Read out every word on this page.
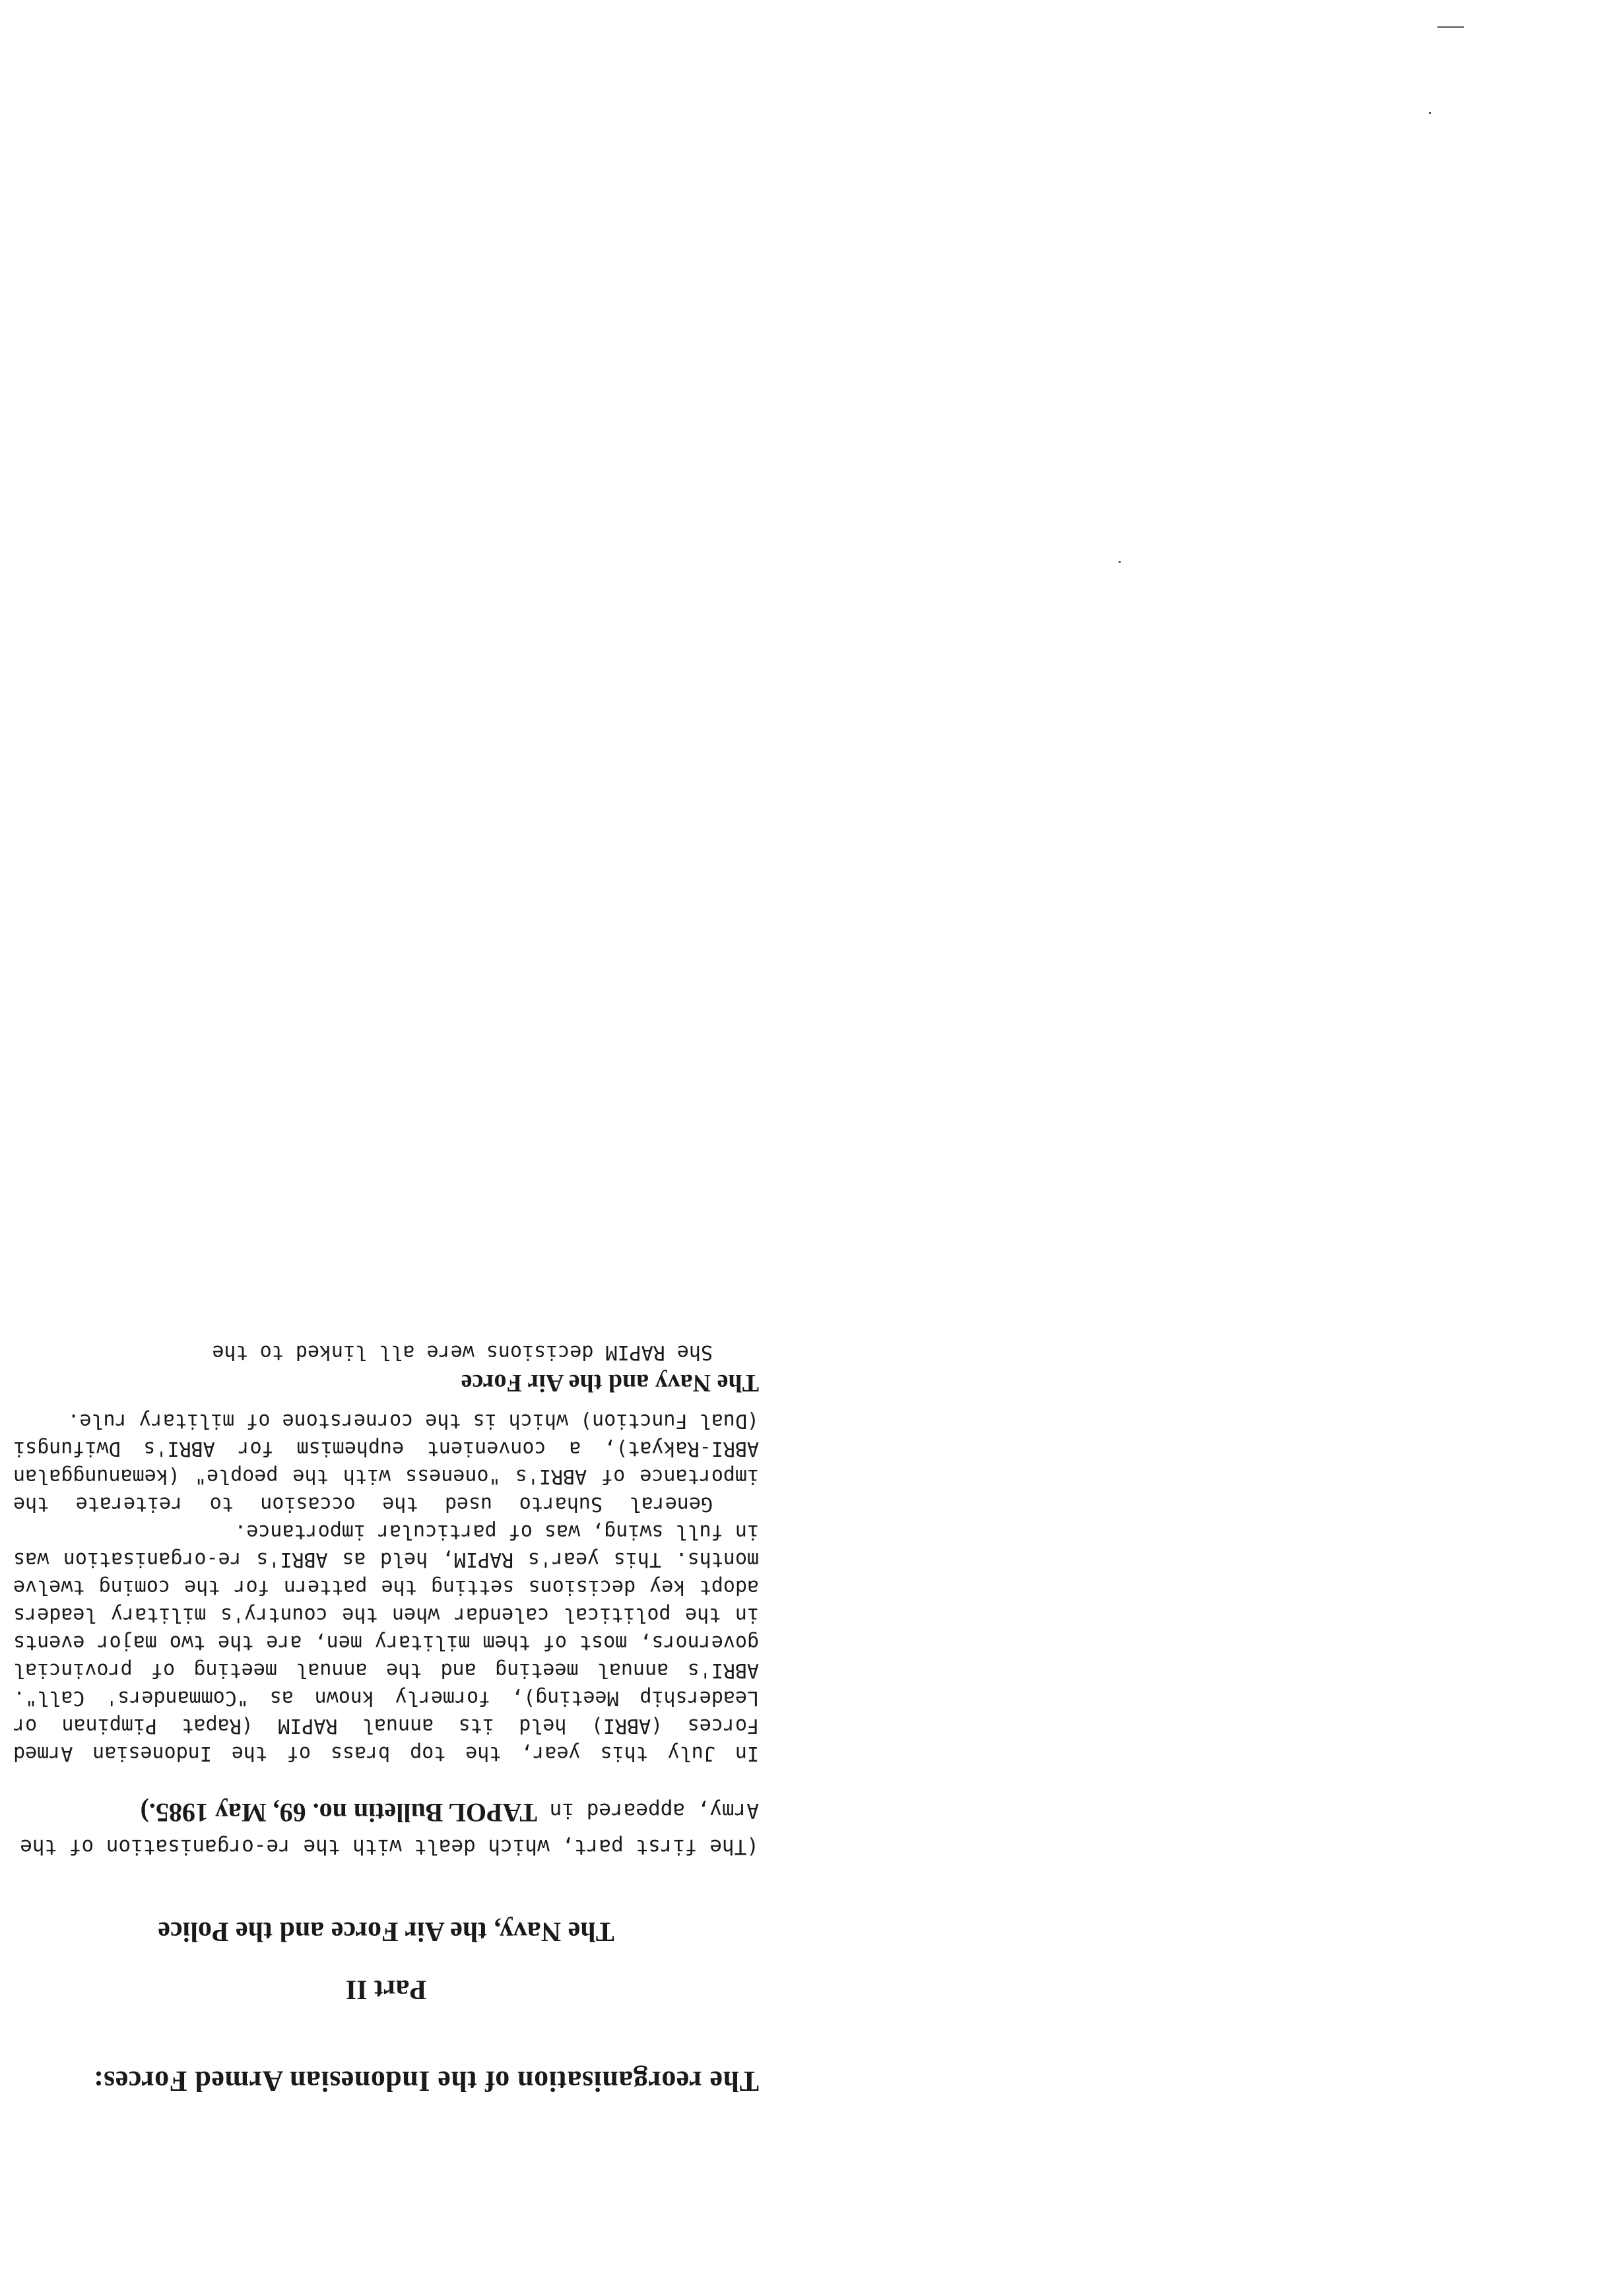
The reorganisation of the Indonesian Armed Forces:
Part II
The Navy, the Air Force and the Police
(The first part, which dealt with the re-organisation of the Army, appeared in TAPOL Bulletin no. 69, May 1985.)

In July this year, the top brass of the Indonesian Armed Forces (ABRI) held its annual RAPIM (Rapat Pimpinan or Leadership Meeting), formerly known as "Commanders' Call". ABRI's annual meeting and the annual meeting of provincial governors, most of them military men, are the two major events in the political calendar when the country's military leaders adopt key decisions setting the pattern for the coming twelve months. This year's RAPIM, held as ABRI's re-organisation was in full swing, was of particular importance.

General Suharto used the occasion to reiterate the importance of ABRI's "oneness with the people" (kemanunggalan ABRI-Rakyat), a convenient euphemism for ABRI's Dwifungsi (Dual Function) which is the cornerstone of military rule.

The Navy and the Air Force

She RAPIM decisions were all linked to the
